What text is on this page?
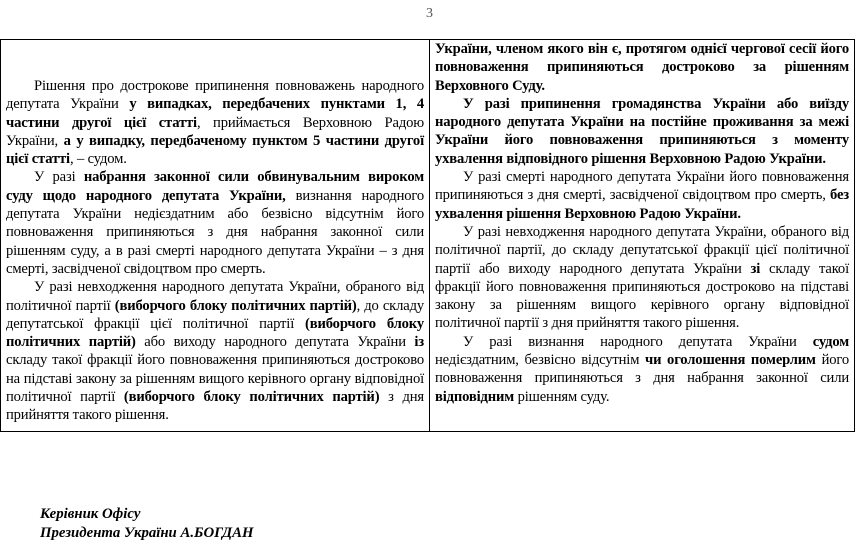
3

Рішення про дострокове припинення повноважень народного депутата України у випадках, передбачених пунктами 1, 4 частини другої цієї статті, приймається Верховною Радою України, а у випадку, передбаченому пунктом 5 частини другої цієї статті, – судом.

У разі набрання законної сили обвинувальним вироком суду щодо народного депутата України, визнання народного депутата України недієздатним або безвісно відсутнім його повноваження припиняються з дня набрання законної сили рішенням суду, а в разі смерті народного депутата України – з дня смерті, засвідченої свідоцтвом про смерть.

У разі невходження народного депутата України, обраного від політичної партії (виборчого блоку політичних партій), до складу депутатської фракції цієї політичної партії (виборчого блоку політичних партій) або виходу народного депутата України із складу такої фракції його повноваження припиняються достроково на підставі закону за рішенням вищого керівного органу відповідної політичної партії (виборчого блоку політичних партій) з дня прийняття такого рішення.

України, членом якого він є, протягом однієї чергової сесії його повноваження припиняються достроково за рішенням Верховного Суду.

У разі припинення громадянства України або виїзду народного депутата України на постійне проживання за межі України його повноваження припиняються з моменту ухвалення відповідного рішення Верховною Радою України.

У разі смерті народного депутата України його повноваження припиняються з дня смерті, засвідченої свідоцтвом про смерть, без ухвалення рішення Верховною Радою України.

У разі невходження народного депутата України, обраного від політичної партії, до складу депутатської фракції цієї політичної партії або виходу народного депутата України зі складу такої фракції його повноваження припиняються достроково на підставі закону за рішенням вищого керівного органу відповідної політичної партії з дня прийняття такого рішення.

У разі визнання народного депутата України судом недієздатним, безвісно відсутнім чи оголошення померлим його повноваження припиняються з дня набрання законної сили відповідним рішенням суду.

Керівник Офісу
Президента України А.БОГДАН
